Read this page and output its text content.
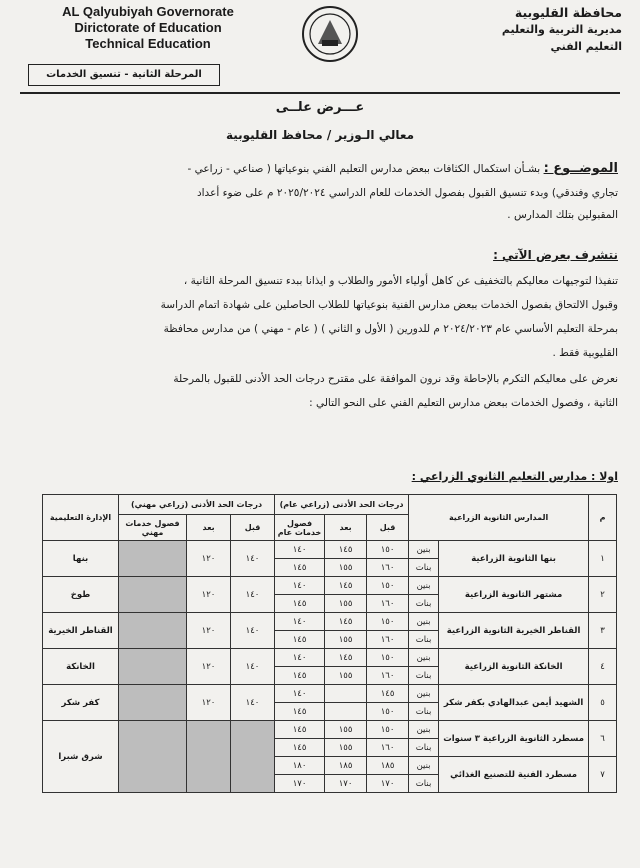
AL Qalyubiyah Governorate
Dirictorate of Education
Technical Education
محافظة القليوبية
مديرية التربية والتعليم
التعليم الفني
المرحلة الثانية - تنسيق الخدمات
عـــرض علــى
معالي الـوزير / محافظ القليوبية
الموضــوع : بشـأن استكمال الكثافات ببعض مدارس التعليم الفني بنوعياتها ( صناعي - زراعي -
تجاري وفندقي) وبدء تنسيق القبول بفصول الخدمات للعام الدراسي ٢٠٢٥/٢٠٢٤ م على ضوء أعداد
المقبولين بتلك المدارس .
نتشرف بعرض الآتي :
تنفيذا لتوجيهات معاليكم بالتخفيف عن كاهل أولياء الأمور والطلاب و ايذانا ببدء تنسيق المرحلة الثانية ،
وقبول الالتحاق بفصول الخدمات ببعض مدارس الفنية بنوعياتها للطلاب الحاصلين على شهادة اتمام الدراسة
بمرحلة التعليم الأساسي عام ٢٠٢٤/٢٠٢٣ م للدورين ( الأول و الثاني ) ( عام - مهني ) من مدارس محافظة
القليوبية فقط .
نعرض على معاليكم التكرم بالإحاطة وقد نرون الموافقة على مقترح درجات الحد الأدنى للقبول بالمرحلة
الثانية ، وفصول الخدمات ببعض مدارس التعليم الفني على النحو التالي :
اولا : مدارس التعليم الثانوي الزراعي :
م	المدارس الثانوية الزراعية		درجات الحد الأدنى (زراعي عام)			درجات الحد الأدنى (زراعي مهني)			الإدارة التعليمية
			قبل	بعد	فصول خدمات عام	قبل	بعد	فصول خدمات مهني	
١	بنها الثانوية الزراعية	بنين	١٥٠	١٤٥	١٤٠	١٤٠	١٢٠		بنها
		بنات	١٦٠	١٥٥	١٤٥				
٢	مشتهر الثانوية الزراعية	بنين	١٥٠	١٤٥	١٤٠	١٤٠	١٢٠		طوخ
		بنات	١٦٠	١٥٥	١٤٥				
٣	القناطر الخيرية الثانوية الزراعية	بنين	١٥٠	١٤٥	١٤٠	١٤٠	١٢٠		القناطر الخيرية
		بنات	١٦٠	١٥٥	١٤٥				
٤	الخانكة الثانوية الزراعية	بنين	١٥٠	١٤٥	١٤٠	١٤٠	١٢٠		الخانكة
		بنات	١٦٠	١٥٥	١٤٥				
٥	الشهيد أيمن عبدالهادي بكفر شكر	بنين	١٤٥		١٤٠	١٤٠	١٢٠		كفر شكر
		بنات	١٥٠		١٤٥				
٦	مسطرد الثانوية الزراعية ٣ سنوات	بنين	١٥٠	١٥٥	١٤٥				شرق شبرا
		بنات	١٦٠	١٥٥	١٤٥				
٧	مسطرد الفنية للتصنيع الغذائي	بنين	١٨٥	١٨٥	١٨٠				
		بنات	١٧٠	١٧٠	١٧٠				
